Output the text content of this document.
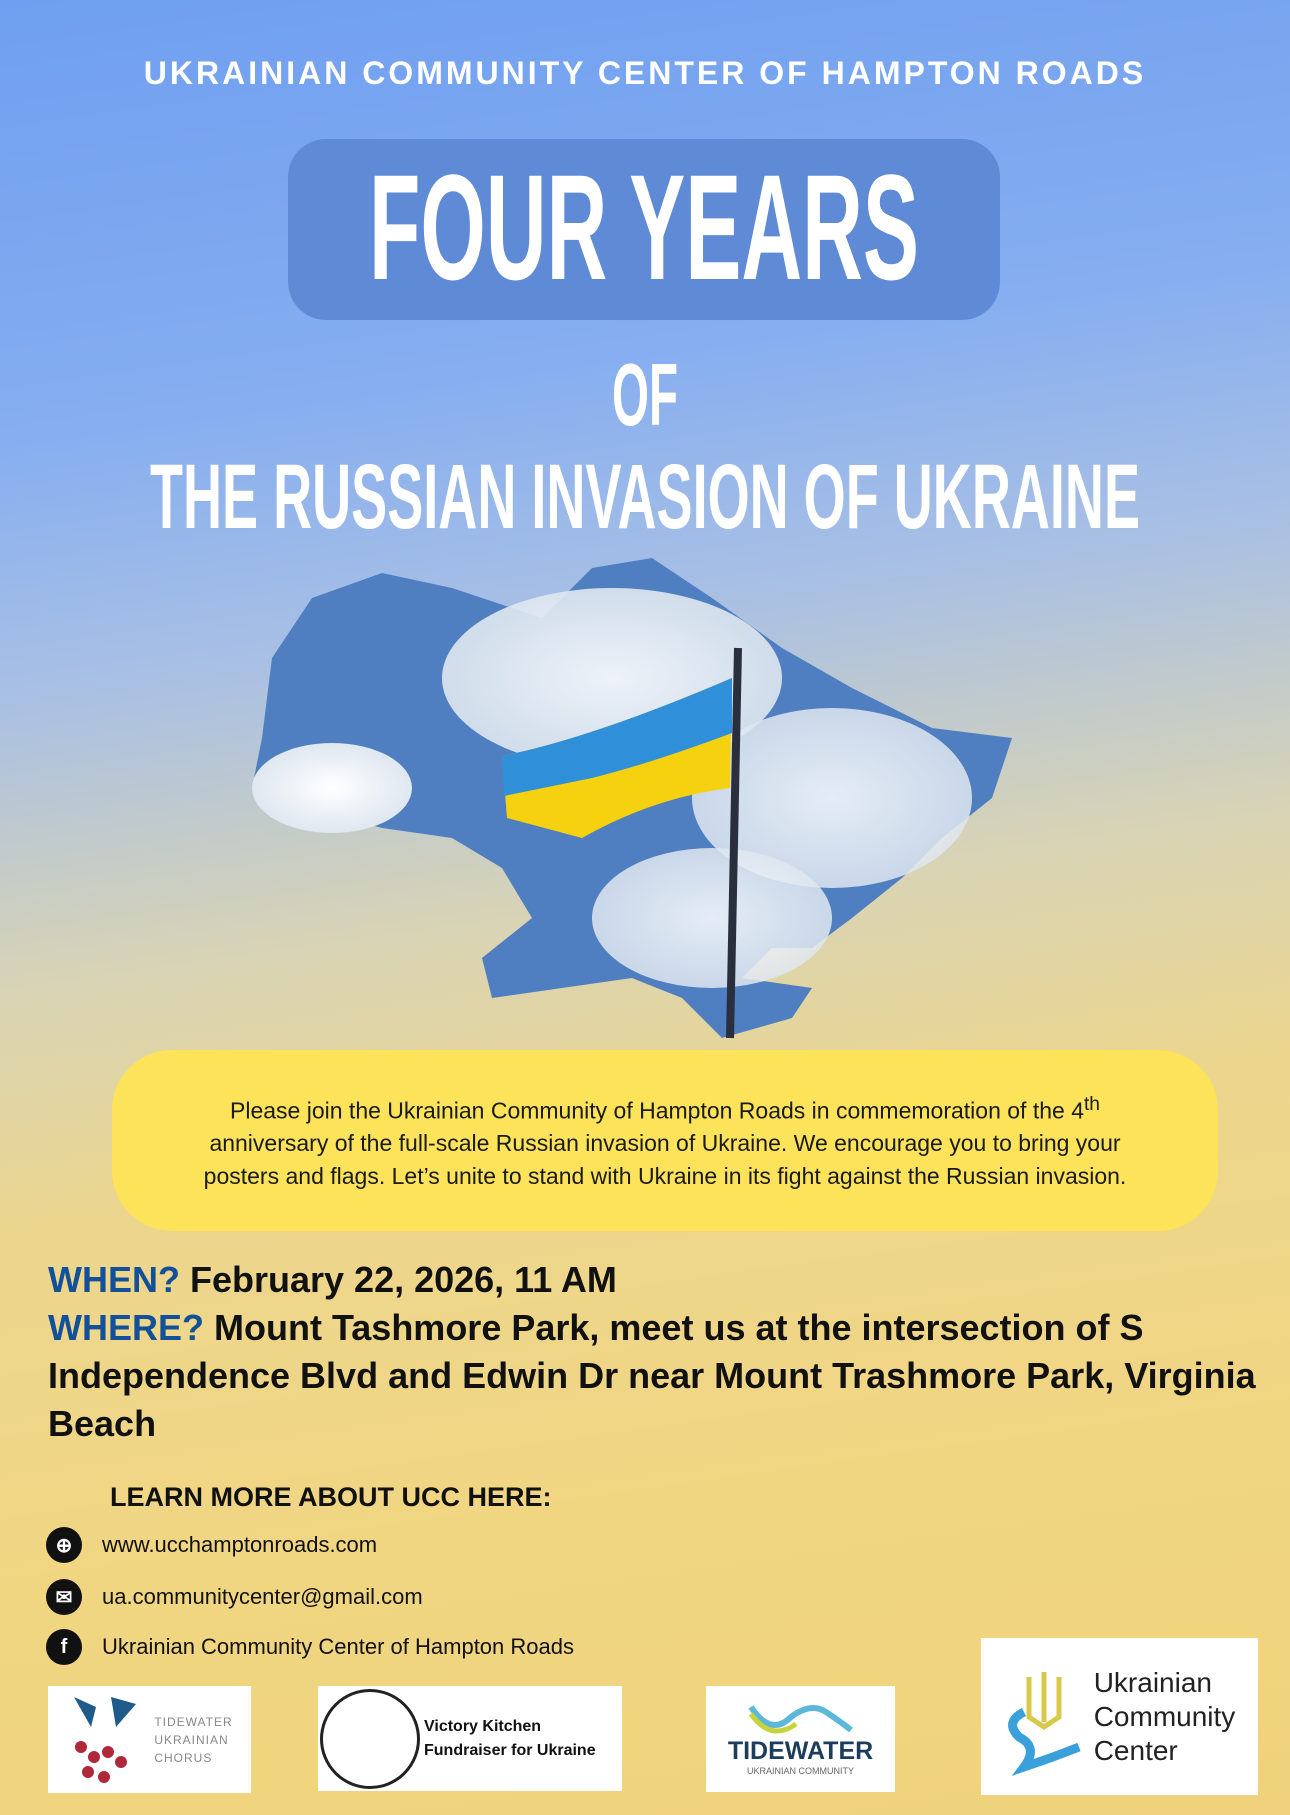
UKRAINIAN COMMUNITY CENTER OF HAMPTON ROADS
FOUR YEARS
OF
THE RUSSIAN INVASION OF UKRAINE

Please join the Ukrainian Community of Hampton Roads in commemoration of the 4th anniversary of the full-scale Russian invasion of Ukraine. We encourage you to bring your posters and flags. Let’s unite to stand with Ukraine in its fight against the Russian invasion.

WHEN? February 22, 2026, 11 AM
WHERE? Mount Tashmore Park, meet us at the intersection of S Independence Blvd and Edwin Dr near Mount Trashmore Park, Virginia Beach
LEARN MORE ABOUT UCC HERE:
⊕	www.ucchamptonroads.com
✉	ua.communitycenter@gmail.com
f	Ukrainian Community Center of Hampton Roads
TIDEWATER
UKRAINIAN
CHORUS
Victory Kitchen
Fundraiser for Ukraine	TIDEWATER
UKRAINIAN COMMUNITY
Ukrainian
Community
Center
